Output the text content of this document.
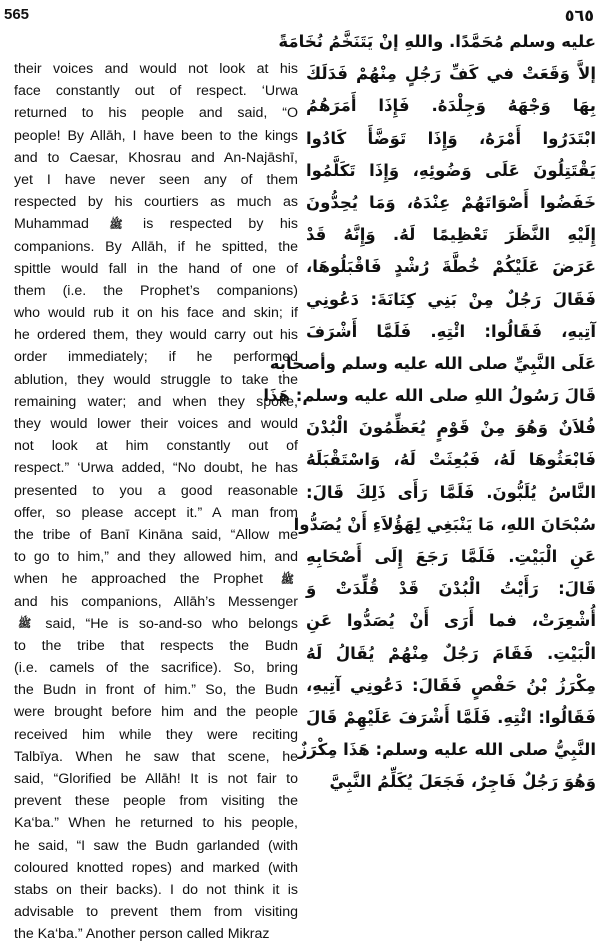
565	٥٦٥
their voices and would not look at his
face constantly out of respect. ‘Urwa
returned to his people and said, “O
people! By Allāh, I have been to the kings
and to Caesar, Khosrau and An-Najāshī,
yet I have never seen any of them
respected by his courtiers as much as
Muhammad ﷺ is respected by his
companions. By Allāh, if he spitted, the
spittle would fall in the hand of one of
them (i.e. the Prophet’s companions)
who would rub it on his face and skin; if
he ordered them, they would carry out his
order immediately; if he performed
ablution, they would struggle to take the
remaining water; and when they spoke,
they would lower their voices and would
not look at him constantly out of
respect.” ‘Urwa added, “No doubt, he has
presented to you a good reasonable
offer, so please accept it.” A man from
the tribe of Banī Kināna said, “Allow me
to go to him,” and they allowed him, and
when he approached the Prophet ﷺ
and his companions, Allāh’s Messenger
ﷺ said, “He is so-and-so who belongs
to the tribe that respects the Budn
(i.e. camels of the sacrifice). So, bring
the Budn in front of him.” So, the Budn
were brought before him and the people
received him while they were reciting
Talbīya. When he saw that scene, he
said, “Glorified be Allāh! It is not fair to
prevent these people from visiting the
Ka‘ba.” When he returned to his people,
he said, “I saw the Budn garlanded (with
coloured knotted ropes) and marked (with
stabs on their backs). I do not think it is
advisable to prevent them from visiting
the Ka‘ba.” Another person called Mikraz
عليه وسلم مُحَمَّدًا. واللهِ إنْ يَتَنَخَّمُ نُخَامَةً
إلاَّ وَقَعَتْ في كَفِّ رَجُلٍ مِنْهُمْ فَدَلَكَ
بِهَا وَجْهَهُ وَجِلْدَهُ. فَإِذَا أَمَرَهُمُ
ابْتَدَرُوا أَمْرَهُ، وَإِذَا تَوَضَّأَ كَادُوا
يَقْتَتِلُونَ عَلَى وَضُوئِهِ، وَإِذَا تَكَلَّمُوا
خَفَضُوا أَصْوَاتَهُمْ عِنْدَهُ، وَمَا يُحِدُّونَ
إِلَيْهِ النَّظَرَ تَعْظِيمًا لَهُ. وَإِنَّهُ قَدْ
عَرَضَ عَلَيْكُمْ خُطَّةَ رُشْدٍ فَاقْبَلُوهَا،
فَقَالَ رَجُلٌ مِنْ بَنِي كِنَانَةَ: دَعُونِي
آتِيهِ، فَقَالُوا: ائْتِهِ. فَلَمَّا أَشْرَفَ
عَلَى النَّبِيِّ صلى الله عليه وسلم وأصحابه
قَالَ رَسُولُ اللهِ صلى الله عليه وسلم: هَذَا
فُلاَنٌ وَهُوَ مِنْ قَوْمٍ يُعَظِّمُونَ الْبُدْنَ
فَابْعَثُوهَا لَهُ، فَبُعِثَتْ لَهُ، وَاسْتَقْبَلَهُ
النَّاسُ يُلَبُّونَ. فَلَمَّا رَأَى ذَلِكَ قَالَ:
سُبْحَانَ اللهِ، مَا يَنْبَغِي لِهَؤُلاَءِ أَنْ يُصَدُّوا
عَنِ الْبَيْتِ. فَلَمَّا رَجَعَ إِلَى أَصْحَابِهِ
قَالَ: رَأَيْتُ الْبُدْنَ قَدْ قُلِّدَتْ وَ
أُشْعِرَتْ، فما أَرَى أَنْ يُصَدُّوا عَنِ
الْبَيْتِ. فَقَامَ رَجُلٌ مِنْهُمْ يُقَالُ لَهُ
مِكْرَزُ بْنُ حَفْصٍ فَقَالَ: دَعُونِي آتِيهِ،
فَقَالُوا: ائْتِهِ. فَلَمَّا أَشْرَفَ عَلَيْهِمْ قَالَ
النَّبِيُّ صلى الله عليه وسلم: هَذَا مِكْرَزٌ
وَهُوَ رَجُلٌ فَاجِرٌ، فَجَعَلَ يُكَلِّمُ النَّبِيَّ
